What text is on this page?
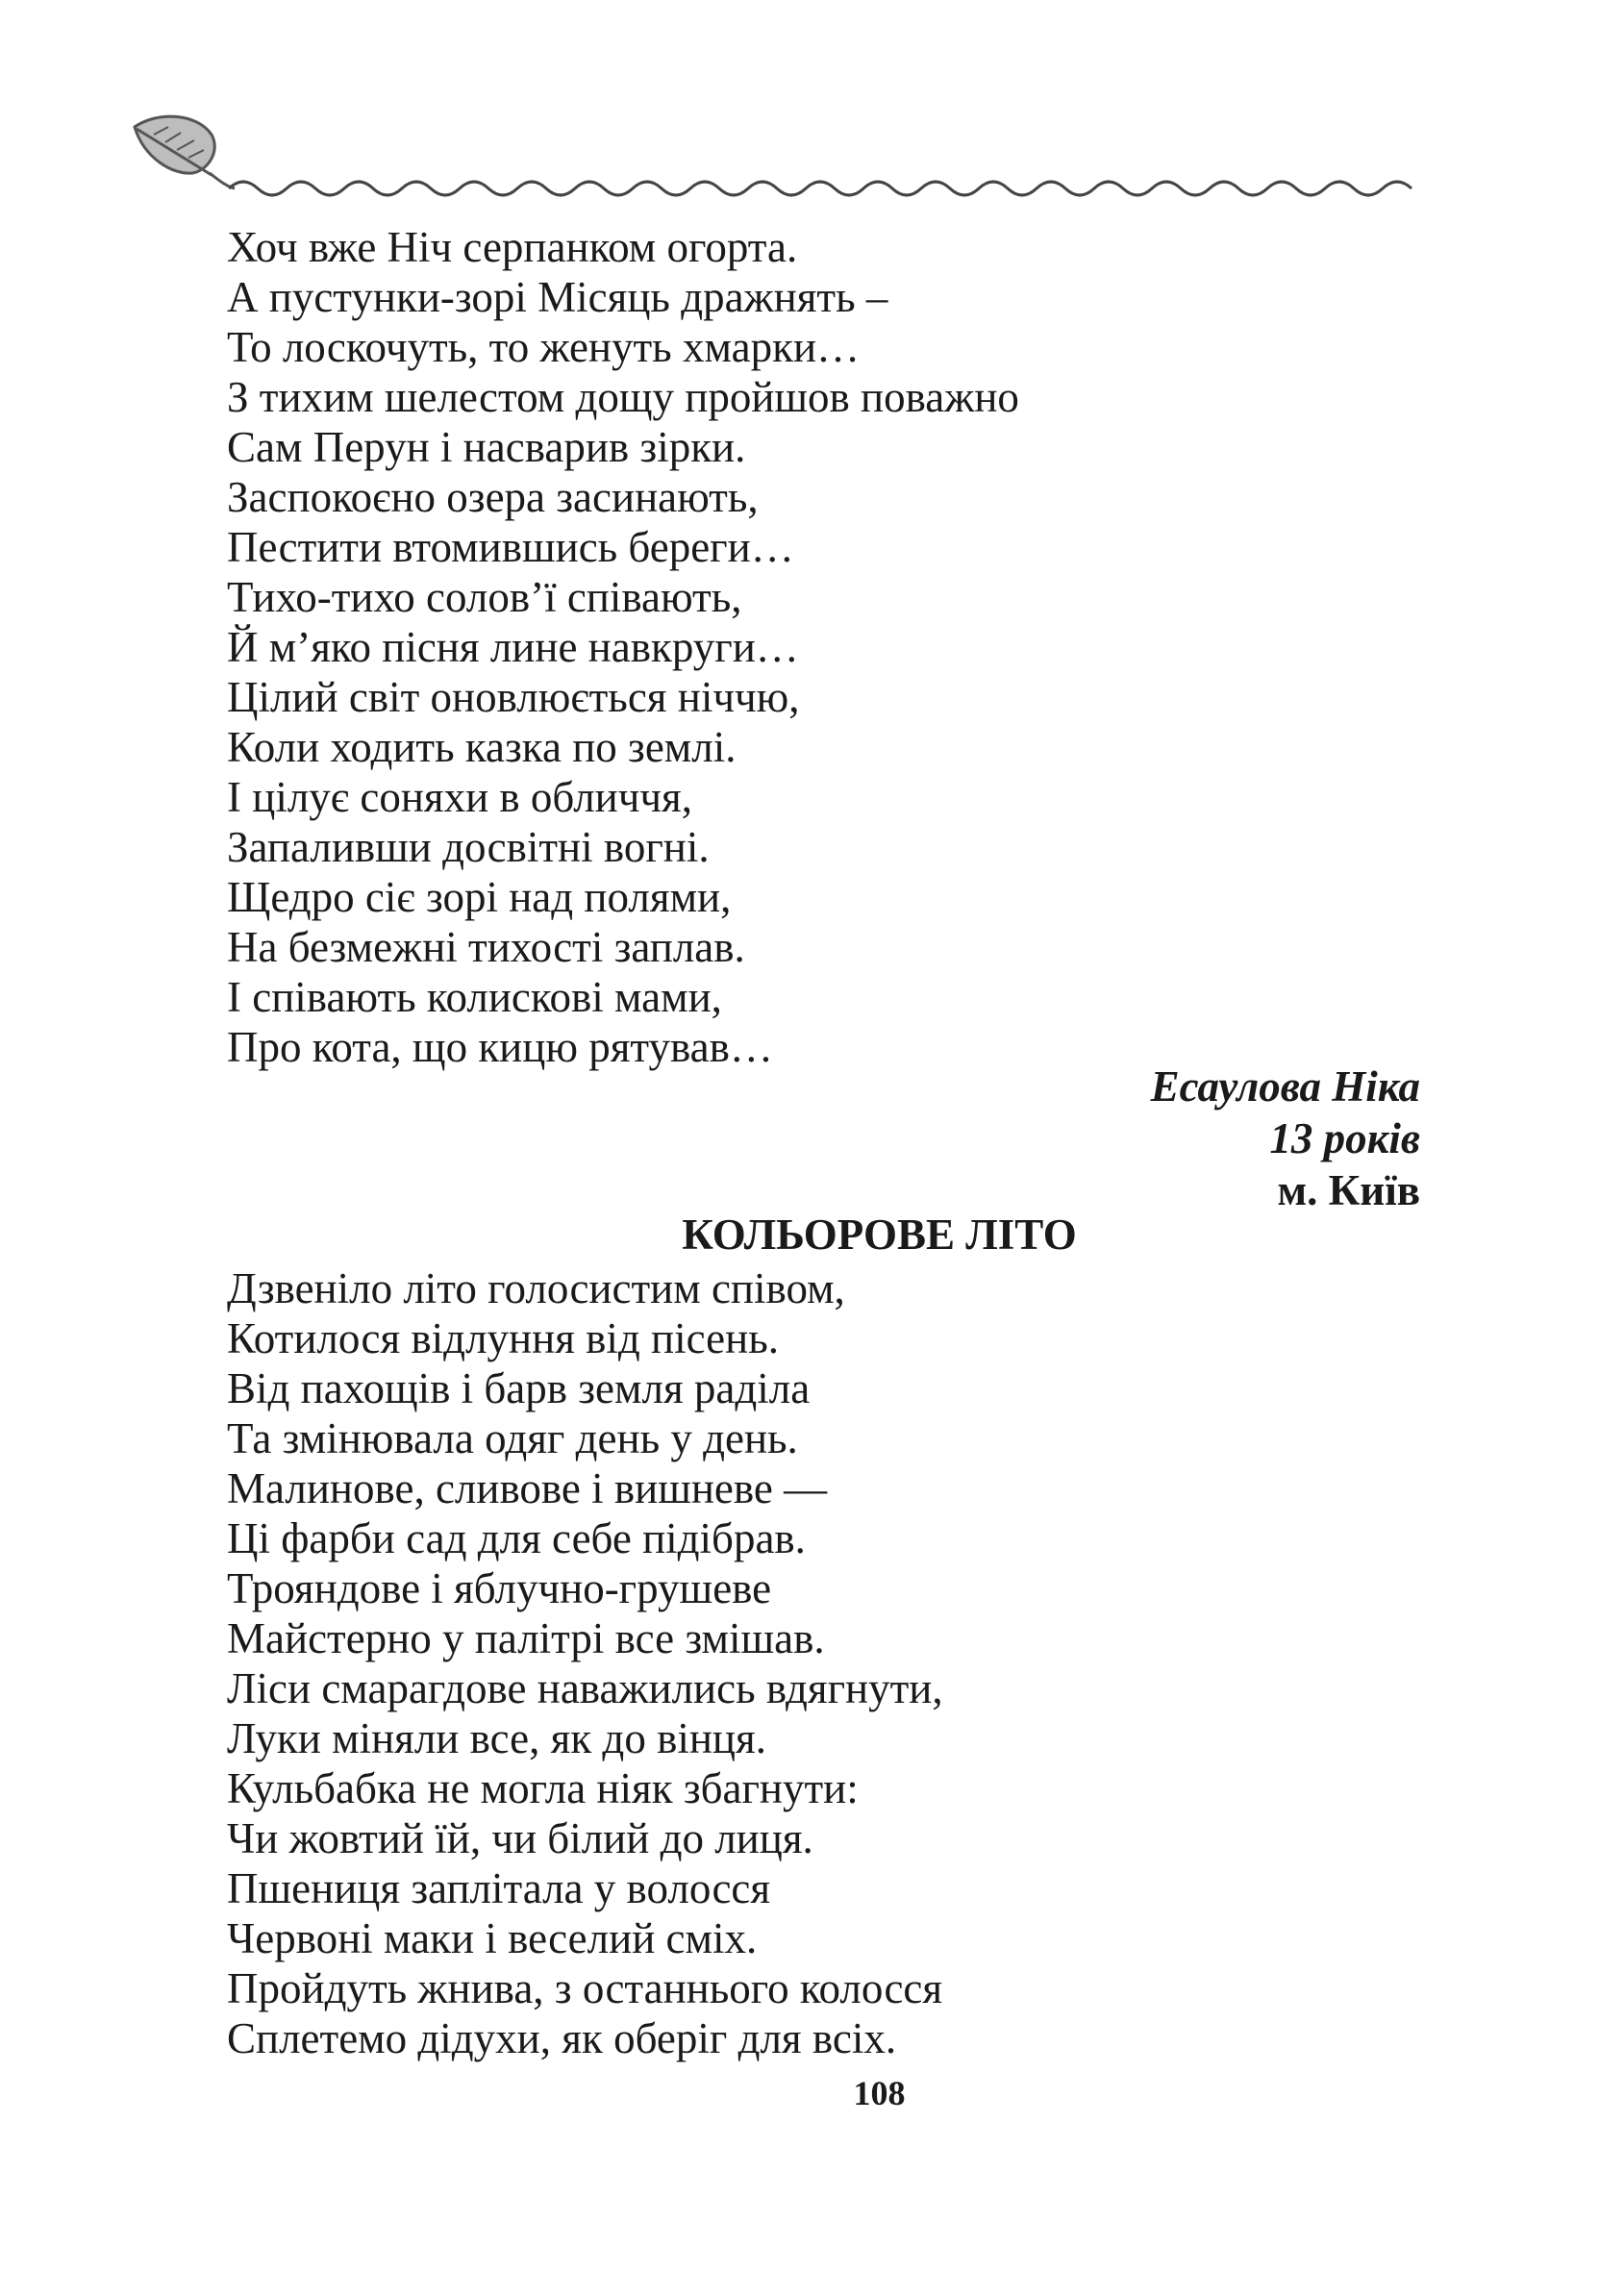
Хоч вже Ніч серпанком огорта.
А пустунки-зорі Місяць дражнять –
То лоскочуть, то женуть хмарки…
З тихим шелестом дощу пройшов поважно
Сам Перун і насварив зірки.
Заспокоєно озера засинають,
Пестити втомившись береги…
Тихо-тихо солов’ї співають,
Й м’яко пісня лине навкруги…
Цілий світ оновлюється ніччю,
Коли ходить казка по землі.
І цілує соняхи в обличчя,
Запаливши досвітні вогні.
Щедро сіє зорі над полями,
На безмежні тихості заплав.
І співають колискові мами,
Про кота, що кицю рятував…
Есаулова Ніка
13 років
м. Київ
КОЛЬОРОВЕ ЛІТО
Дзвеніло літо голосистим співом,
Котилося відлуння від пісень.
Від пахощів і барв земля раділа
Та змінювала одяг день у день.
Малинове, сливове і вишневе —
Ці фарби сад для себе підібрав.
Трояндове і яблучно-грушеве
Майстерно у палітрі все змішав.
Ліси смарагдове наважились вдягнути,
Луки міняли все, як до вінця.
Кульбабка не могла ніяк збагнути:
Чи жовтий їй, чи білий до лиця.
Пшениця заплітала у волосся
Червоні маки і веселий сміх.
Пройдуть жнива, з останнього колосся
Сплетемо дідухи, як оберіг для всіх.
108
